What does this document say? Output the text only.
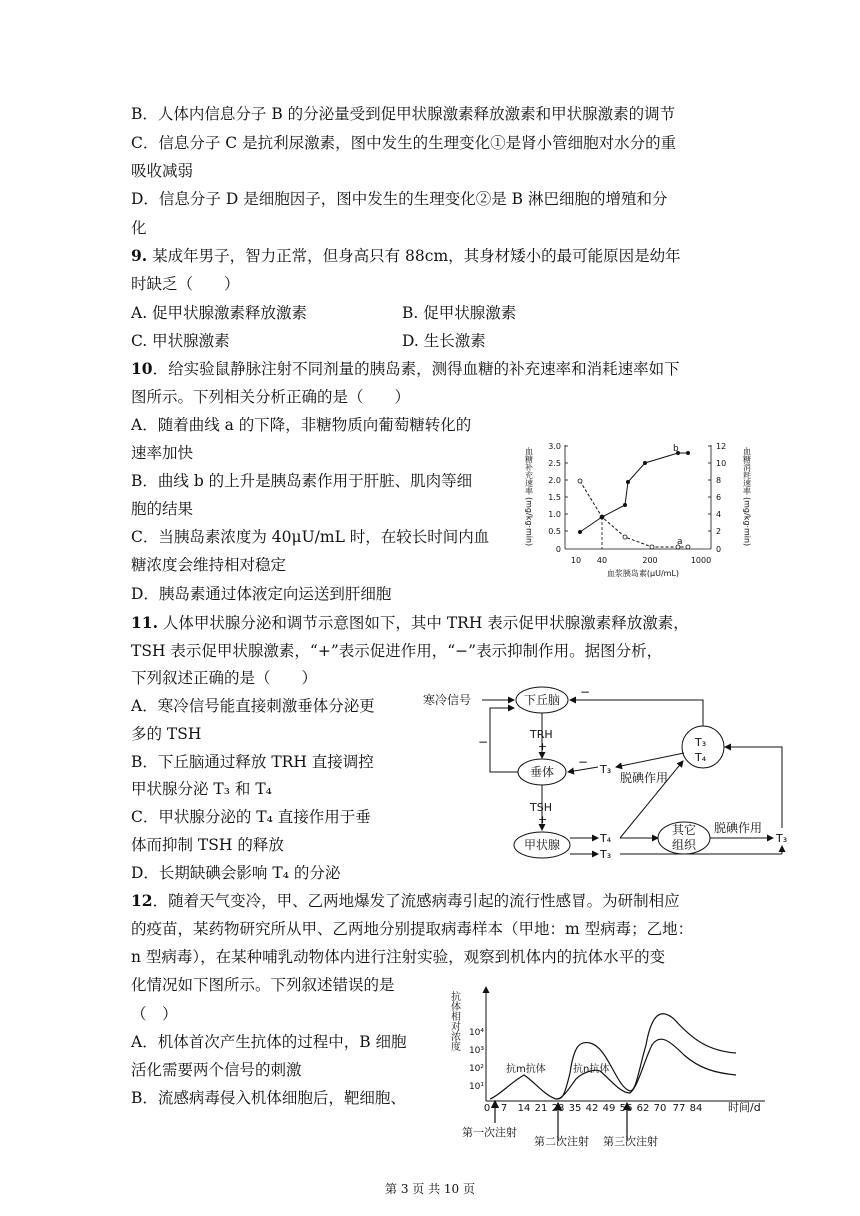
B．人体内信息分子 B 的分泌量受到促甲状腺激素释放激素和甲状腺激素的调节
C．信息分子 C 是抗利尿激素，图中发生的生理变化①是肾小管细胞对水分的重
吸收减弱
D．信息分子 D 是细胞因子，图中发生的生理变化②是 B 淋巴细胞的增殖和分
化
9. 某成年男子，智力正常，但身高只有 88cm，其身材矮小的最可能原因是幼年
时缺乏（　　）
A. 促甲状腺激素释放激素	B. 促甲状腺激素
C. 甲状腺激素	D. 生长激素
10．给实验鼠静脉注射不同剂量的胰岛素，测得血糖的补充速率和消耗速率如下
图所示。下列相关分析正确的是（　　）
A．随着曲线 a 的下降，非糖物质向葡萄糖转化的
速率加快
B．曲线 b 的上升是胰岛素作用于肝脏、肌肉等细
胞的结果
C．当胰岛素浓度为 40μU/mL 时，在较长时间内血
糖浓度会维持相对稳定
D．胰岛素通过体液定向运送到肝细胞
血糖补充速率
(mg/kg·min)
血糖消耗速率
(mg/kg·min)
3.0
2.5
2.0
1.5
1.0
0.5
0
12
10
8
6
4
2
0
a
b
10 40	200	1000
血浆胰岛素(μU/mL)
11. 人体甲状腺分泌和调节示意图如下，其中 TRH 表示促甲状腺激素释放激素，
TSH 表示促甲状腺激素，“+”表示促进作用，“−”表示抑制作用。据图分析，
下列叙述正确的是（　　）
A．寒冷信号能直接刺激垂体分泌更
多的 TSH
B．下丘脑通过释放 TRH 直接调控
甲状腺分泌 T₃ 和 T₄
C．甲状腺分泌的 T₄ 直接作用于垂
体而抑制 TSH 的释放
D．长期缺碘会影响 T₄ 的分泌
寒冷信号	下丘脑
TRH
+
垂体
TSH
+
甲状腺
−	T₃
T₄
−
−
T₃
脱碘作用
T₄
T₃
其它
组织
脱碘作用
T₃
12．随着天气变冷，甲、乙两地爆发了流感病毒引起的流行性感冒。为研制相应
的疫苗，某药物研究所从甲、乙两地分别提取病毒样本（甲地：m 型病毒；乙地：
n 型病毒），在某种哺乳动物体内进行注射实验，观察到机体内的抗体水平的变
化情况如下图所示。下列叙述错误的是
（　）
A．机体首次产生抗体的过程中，B 细胞
活化需要两个信号的刺激
B．流感病毒侵入机体细胞后，靶细胞、
抗体相对浓度 10⁴
10³
10²
10¹
0 7 14 21 28 35 42 49 56 62 70 77 84 时间/d
抗m抗体	抗n抗体
第一次注射
第二次注射 第三次注射
第 3 页 共 10 页
